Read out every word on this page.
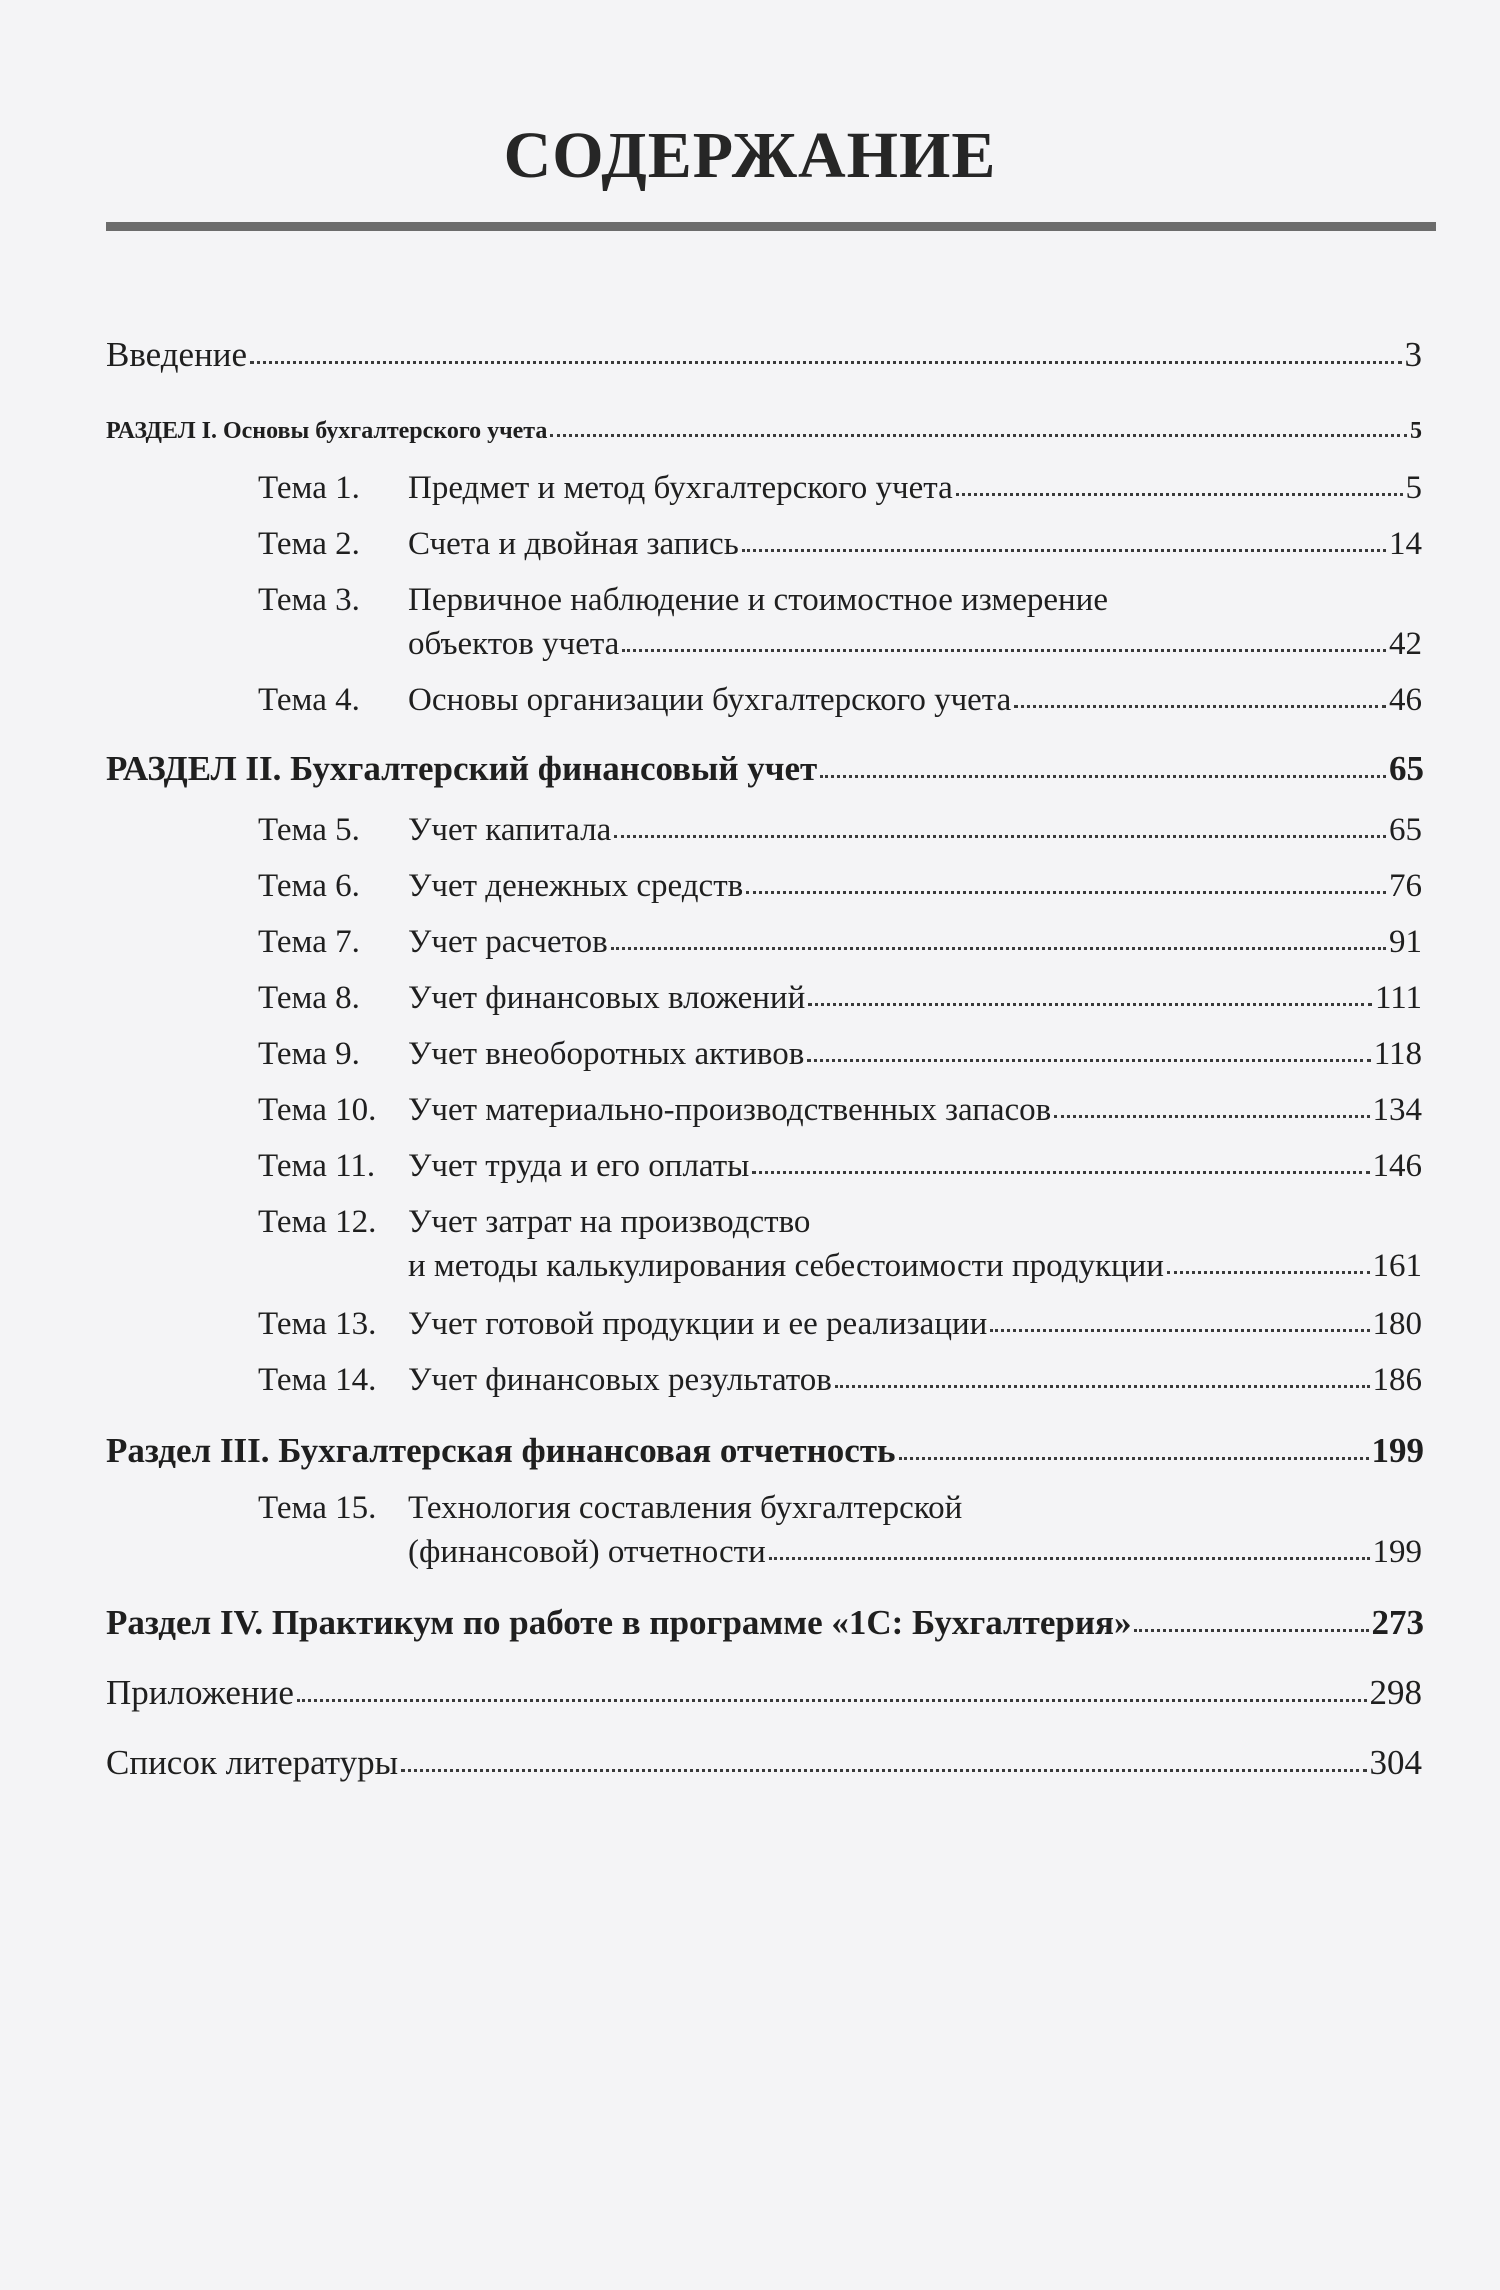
СОДЕРЖАНИЕ
Введение	3
РАЗДЕЛ I. Основы бухгалтерского учета	5
Тема 1.	Предмет и метод бухгалтерского учета	5
Тема 2.	Счета и двойная запись	14
Тема 3.	Первичное наблюдение и стоимостное измерение
объектов учета	42
Тема 4.	Основы организации бухгалтерского учета	46
РАЗДЕЛ II. Бухгалтерский финансовый учет	65
Тема 5.	Учет капитала	65
Тема 6.	Учет денежных средств	76
Тема 7.	Учет расчетов	91
Тема 8.	Учет финансовых вложений	111
Тема 9.	Учет внеоборотных активов	118
Тема 10. Учет материально-производственных запасов	134
Тема 11. Учет труда и его оплаты	146
Тема 12. Учет затрат на производство
и методы калькулирования себестоимости продукции	161
Тема 13. Учет готовой продукции и ее реализации	180
Тема 14. Учет финансовых результатов	186
Раздел III. Бухгалтерская финансовая отчетность	199
Тема 15. Технология составления бухгалтерской
(финансовой) отчетности	199
Раздел IV. Практикум по работе в программе «1С: Бухгалтерия»	273
Приложение	298
Список литературы	304
